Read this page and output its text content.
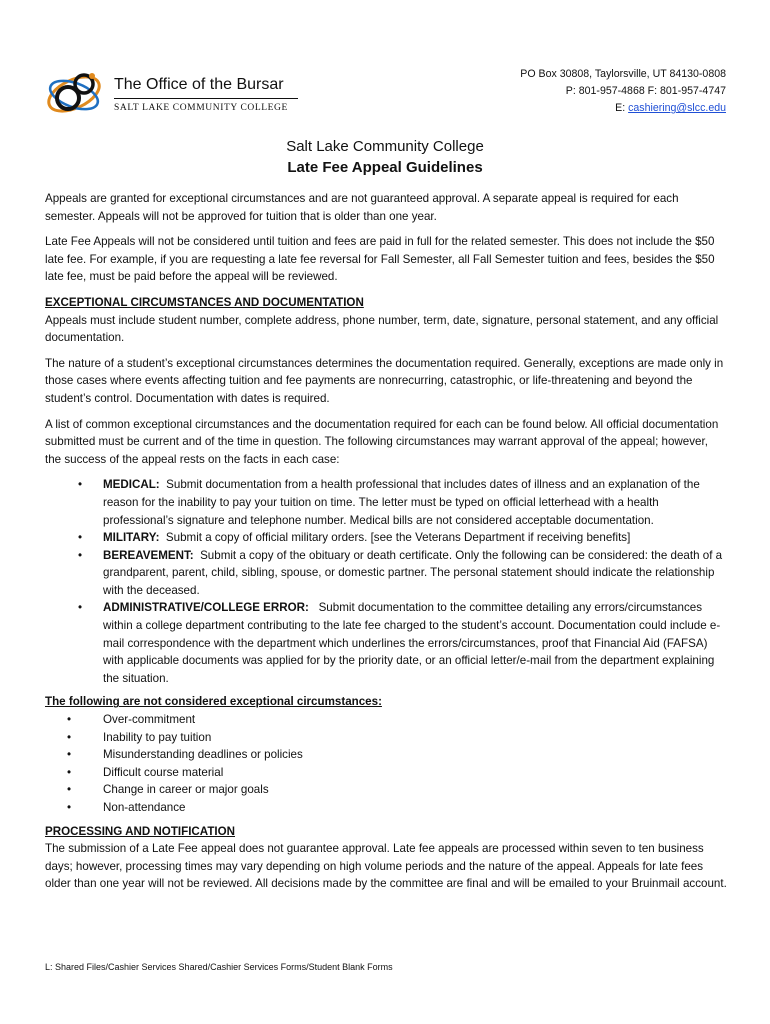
The Office of the Bursar
SALT LAKE COMMUNITY COLLEGE
PO Box 30808, Taylorsville, UT 84130-0808
P: 801-957-4868 F: 801-957-4747
E: cashiering@slcc.edu
Salt Lake Community College
Late Fee Appeal Guidelines

Appeals are granted for exceptional circumstances and are not guaranteed approval. A separate appeal is required for each semester. Appeals will not be approved for tuition that is older than one year.

Late Fee Appeals will not be considered until tuition and fees are paid in full for the related semester. This does not include the $50 late fee. For example, if you are requesting a late fee reversal for Fall Semester, all Fall Semester tuition and fees, besides the $50 late fee, must be paid before the appeal will be reviewed.

EXCEPTIONAL CIRCUMSTANCES AND DOCUMENTATION

Appeals must include student number, complete address, phone number, term, date, signature, personal statement, and any official documentation.

The nature of a student’s exceptional circumstances determines the documentation required. Generally, exceptions are made only in those cases where events affecting tuition and fee payments are nonrecurring, catastrophic, or life-threatening and beyond the student’s control. Documentation with dates is required.

A list of common exceptional circumstances and the documentation required for each can be found below. All official documentation submitted must be current and of the time in question. The following circumstances may warrant approval of the appeal; however, the success of the appeal rests on the facts in each case:

• MEDICAL: Submit documentation from a health professional that includes dates of illness and an explanation of the reason for the inability to pay your tuition on time. The letter must be typed on official letterhead with a health professional’s signature and telephone number. Medical bills are not considered acceptable documentation.
• MILITARY: Submit a copy of official military orders. [see the Veterans Department if receiving benefits]
• BEREAVEMENT: Submit a copy of the obituary or death certificate. Only the following can be considered: the death of a grandparent, parent, child, sibling, spouse, or domestic partner. The personal statement should indicate the relationship with the deceased.
• ADMINISTRATIVE/COLLEGE ERROR: Submit documentation to the committee detailing any errors/circumstances within a college department contributing to the late fee charged to the student’s account. Documentation could include e-mail correspondence with the department which underlines the errors/circumstances, proof that Financial Aid (FAFSA) with applicable documents was applied for by the priority date, or an official letter/e-mail from the department explaining the situation.
The following are not considered exceptional circumstances:
•	Over-commitment
•	Inability to pay tuition
•	Misunderstanding deadlines or policies
•	Difficult course material
•	Change in career or major goals
•	Non-attendance
PROCESSING AND NOTIFICATION

The submission of a Late Fee appeal does not guarantee approval. Late fee appeals are processed within seven to ten business days; however, processing times may vary depending on high volume periods and the nature of the appeal. Appeals for late fees older than one year will not be reviewed. All decisions made by the committee are final and will be emailed to your Bruinmail account.

L: Shared Files/Cashier Services Shared/Cashier Services Forms/Student Blank Forms
